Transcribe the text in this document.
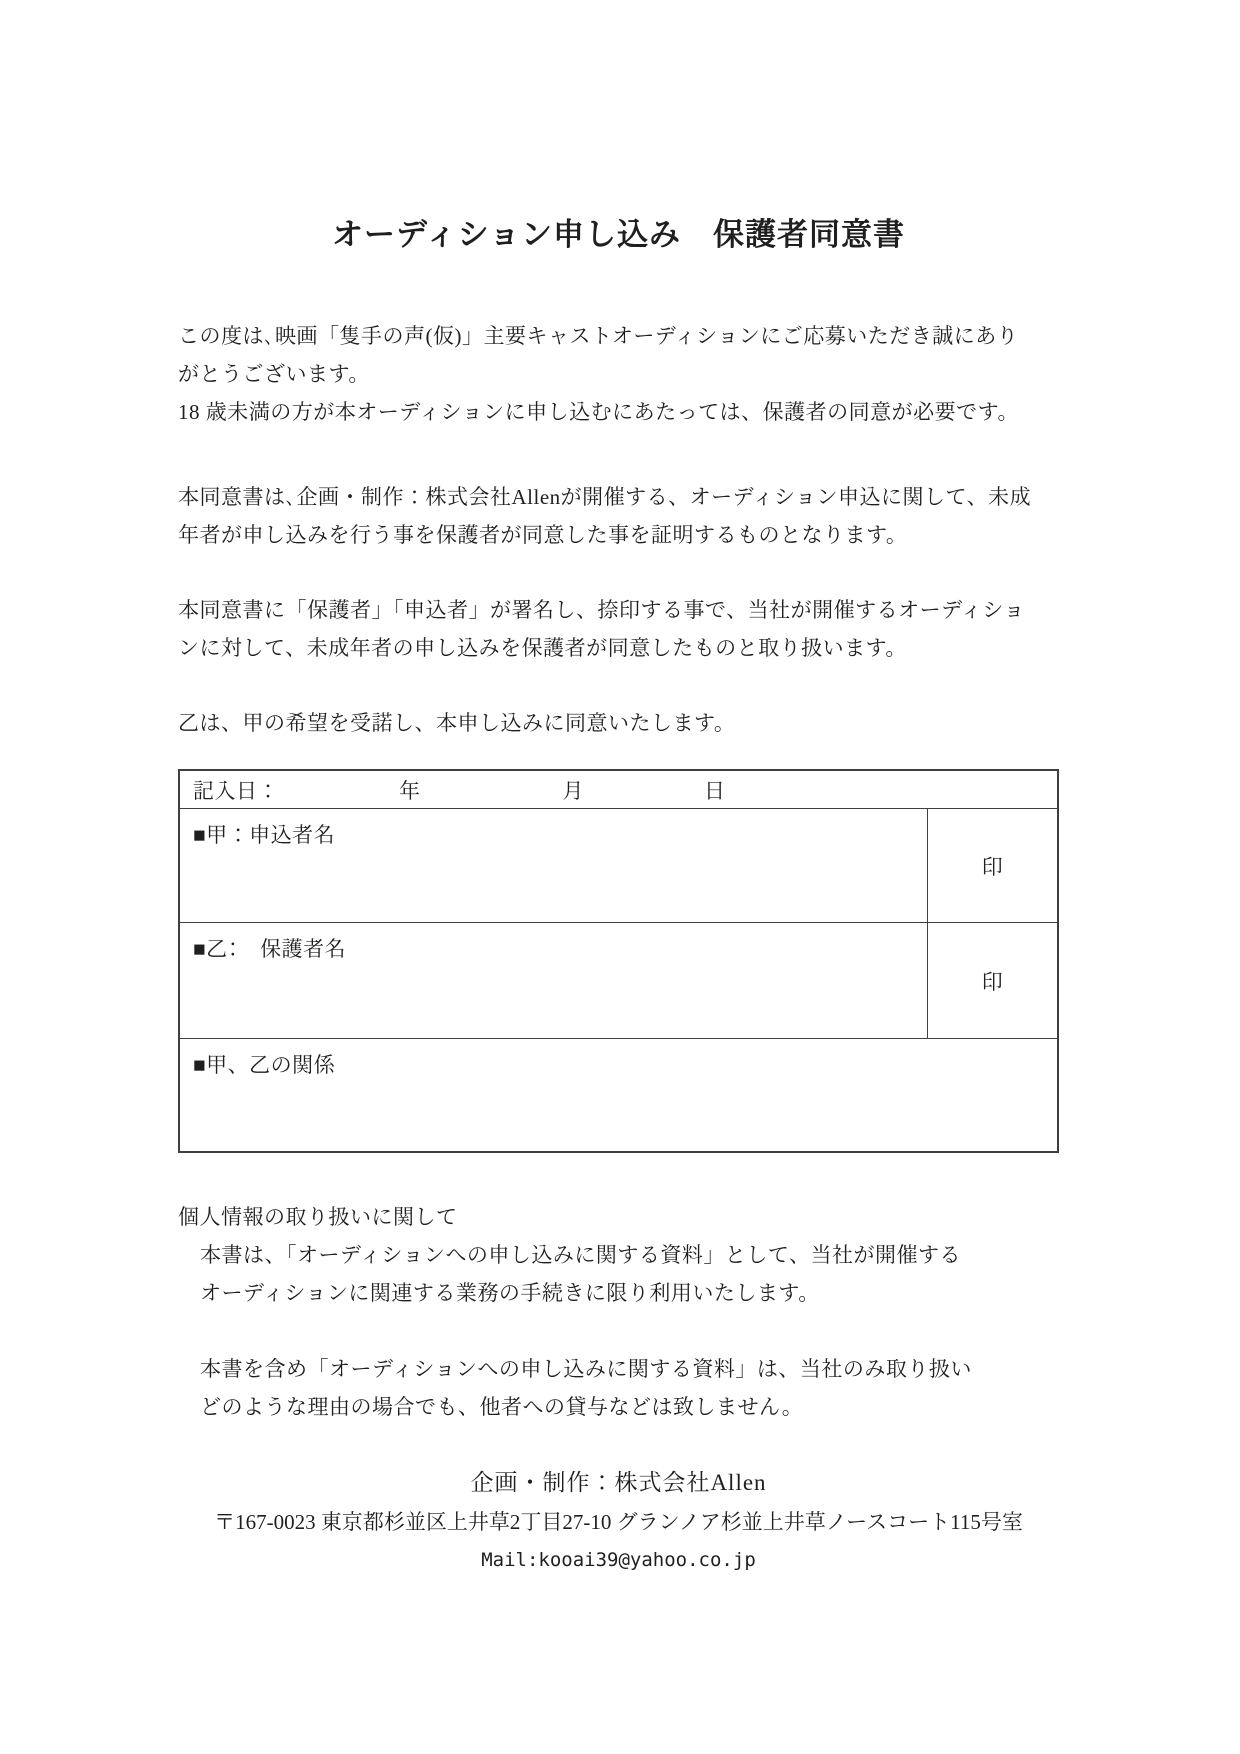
オーディション申し込み　保護者同意書
この度は､映画「隻手の声(仮)」主要キャストオーディションにご応募いただき誠にあり
がとうございます。
18 歳未満の方が本オーディションに申し込むにあたっては、保護者の同意が必要です。
本同意書は､企画・制作：株式会社Allenが開催する、オーディション申込に関して、未成
年者が申し込みを行う事を保護者が同意した事を証明するものとなります。
本同意書に「保護者」「申込者」が署名し、捺印する事で、当社が開催するオーディショ
ンに対して、未成年者の申し込みを保護者が同意したものと取り扱います。
乙は、甲の希望を受諾し、本申し込みに同意いたします。
記入日：	年	月	日
■甲：申込者名
印
■乙：　保護者名
印
■甲、乙の関係
個人情報の取り扱いに関して
本書は、「オーディションへの申し込みに関する資料」として、当社が開催する
オーディションに関連する業務の手続きに限り利用いたします。
本書を含め「オーディションへの申し込みに関する資料」は、当社のみ取り扱い
どのような理由の場合でも、他者への貸与などは致しません。
企画・制作：株式会社Allen
〒167-0023 東京都杉並区上井草2丁目27-10 グランノア杉並上井草ノースコート115号室
Mail:kooai39@yahoo.co.jp
